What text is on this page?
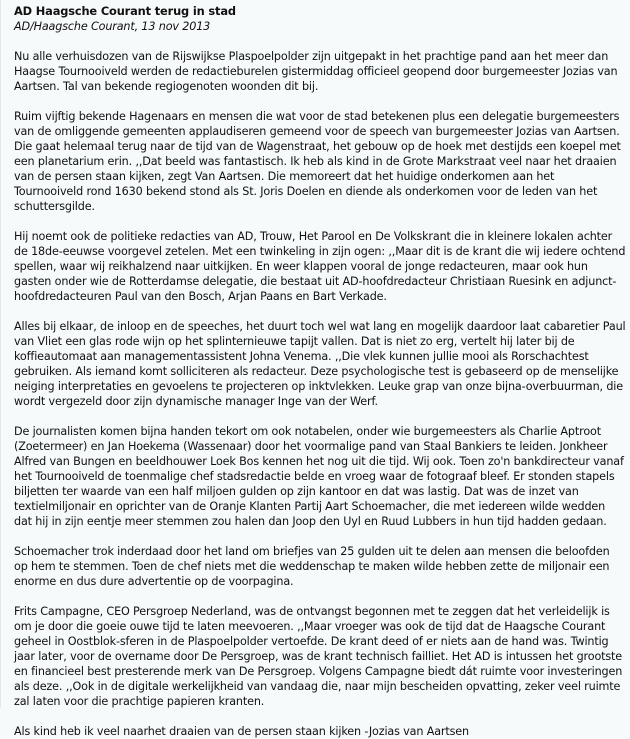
AD Haagsche Courant terug in stad
AD/Haagsche Courant, 13 nov 2013

Nu alle verhuisdozen van de Rijswijkse Plaspoelpolder zijn uitgepakt in het prachtige pand aan het meer dan Haagse Tournooiveld werden de redactieburelen gistermiddag officieel geopend door burgemeester Jozias van Aartsen. Tal van bekende regiogenoten woonden dit bij.

Ruim vijftig bekende Hagenaars en mensen die wat voor de stad betekenen plus een delegatie burgemeesters van de omliggende gemeenten applaudiseren gemeend voor de speech van burgemeester Jozias van Aartsen. Die gaat helemaal terug naar de tijd van de Wagenstraat, het gebouw op de hoek met destijds een koepel met een planetarium erin. ,,Dat beeld was fantastisch. Ik heb als kind in de Grote Markstraat veel naar het draaien van de persen staan kijken, zegt Van Aartsen. Die memoreert dat het huidige onderkomen aan het Tournooiveld rond 1630 bekend stond als St. Joris Doelen en diende als onderkomen voor de leden van het schuttersgilde.

Hij noemt ook de politieke redacties van AD, Trouw, Het Parool en De Volkskrant die in kleinere lokalen achter de 18de-eeuwse voorgevel zetelen. Met een twinkeling in zijn ogen: ,,Maar dit is de krant die wij iedere ochtend spellen, waar wij reikhalzend naar uitkijken. En weer klappen vooral de jonge redacteuren, maar ook hun gasten onder wie de Rotterdamse delegatie, die bestaat uit AD-hoofdredacteur Christiaan Ruesink en adjunct-hoofdredacteuren Paul van den Bosch, Arjan Paans en Bart Verkade.

Alles bij elkaar, de inloop en de speeches, het duurt toch wel wat lang en mogelijk daardoor laat cabaretier Paul van Vliet een glas rode wijn op het splinternieuwe tapijt vallen. Dat is niet zo erg, vertelt hij later bij de koffieautomaat aan managementassistent Johna Venema. ,,Die vlek kunnen jullie mooi als Rorschachtest gebruiken. Als iemand komt solliciteren als redacteur. Deze psychologische test is gebaseerd op de menselijke neiging interpretaties en gevoelens te projecteren op inktvlekken. Leuke grap van onze bijna-overbuurman, die wordt vergezeld door zijn dynamische manager Inge van der Werf.

De journalisten komen bijna handen tekort om ook notabelen, onder wie burgemeesters als Charlie Aptroot (Zoetermeer) en Jan Hoekema (Wassenaar) door het voormalige pand van Staal Bankiers te leiden. Jonkheer Alfred van Bungen en beeldhouwer Loek Bos kennen het nog uit die tijd. Wij ook. Toen zo'n bankdirecteur vanaf het Tournooiveld de toenmalige chef stadsredactie belde en vroeg waar de fotograaf bleef. Er stonden stapels biljetten ter waarde van een half miljoen gulden op zijn kantoor en dat was lastig. Dat was de inzet van textielmiljonair en oprichter van de Oranje Klanten Partij Aart Schoemacher, die met iedereen wilde wedden dat hij in zijn eentje meer stemmen zou halen dan Joop den Uyl en Ruud Lubbers in hun tijd hadden gedaan.

Schoemacher trok inderdaad door het land om briefjes van 25 gulden uit te delen aan mensen die beloofden op hem te stemmen. Toen de chef niets met die weddenschap te maken wilde hebben zette de miljonair een enorme en dus dure advertentie op de voorpagina.

Frits Campagne, CEO Persgroep Nederland, was de ontvangst begonnen met te zeggen dat het verleidelijk is om je door die goeie ouwe tijd te laten meevoeren. ,,Maar vroeger was ook de tijd dat de Haagsche Courant geheel in Oostblok-sferen in de Plaspoelpolder vertoefde. De krant deed of er niets aan de hand was. Twintig jaar later, voor de overname door De Persgroep, was de krant technisch failliet. Het AD is intussen het grootste en financieel best presterende merk van De Persgroep. Volgens Campagne biedt dát ruimte voor investeringen als deze. ,,Ook in de digitale werkelijkheid van vandaag die, naar mijn bescheiden opvatting, zeker veel ruimte zal laten voor die prachtige papieren kranten.

Als kind heb ik veel naarhet draaien van de persen staan kijken -Jozias van Aartsen
